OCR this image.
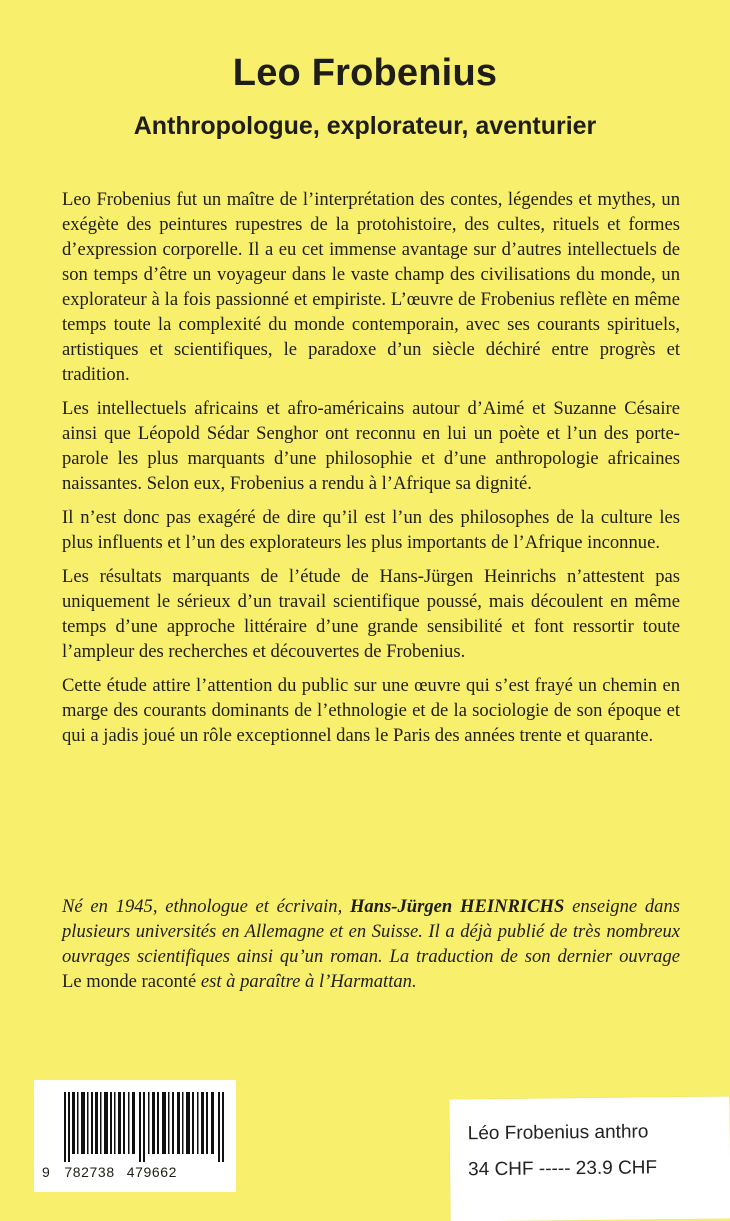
Leo Frobenius
Anthropologue, explorateur, aventurier

Leo Frobenius fut un maître de l’interprétation des contes, légendes et mythes, un exégète des peintures rupestres de la protohistoire, des cultes, rituels et formes d’expression corporelle. Il a eu cet immense avantage sur d’autres intellectuels de son temps d’être un voyageur dans le vaste champ des civilisations du monde, un explorateur à la fois passionné et empiriste. L’œuvre de Frobenius reflète en même temps toute la complexité du monde contemporain, avec ses courants spirituels, artistiques et scientifiques, le paradoxe d’un siècle déchiré entre progrès et tradition.

Les intellectuels africains et afro-américains autour d’Aimé et Suzanne Césaire ainsi que Léopold Sédar Senghor ont reconnu en lui un poète et l’un des porte-parole les plus marquants d’une philosophie et d’une anthropologie africaines naissantes. Selon eux, Frobenius a rendu à l’Afrique sa dignité.

Il n’est donc pas exagéré de dire qu’il est l’un des philosophes de la culture les plus influents et l’un des explorateurs les plus importants de l’Afrique inconnue.

Les résultats marquants de l’étude de Hans-Jürgen Heinrichs n’attestent pas uniquement le sérieux d’un travail scientifique poussé, mais découlent en même temps d’une approche littéraire d’une grande sensibilité et font ressortir toute l’ampleur des recherches et découvertes de Frobenius.

Cette étude attire l’attention du public sur une œuvre qui s’est frayé un chemin en marge des courants dominants de l’ethnologie et de la sociologie de son époque et qui a jadis joué un rôle exceptionnel dans le Paris des années trente et quarante.

Né en 1945, ethnologue et écrivain, Hans-Jürgen HEINRICHS enseigne dans plusieurs universités en Allemagne et en Suisse. Il a déjà publié de très nombreux ouvrages scientifiques ainsi qu’un roman. La traduction de son dernier ouvrage Le monde raconté est à paraître à l’Harmattan.

9 782738 479662
Léo Frobenius anthro
34 CHF ----- 23.9 CHF
